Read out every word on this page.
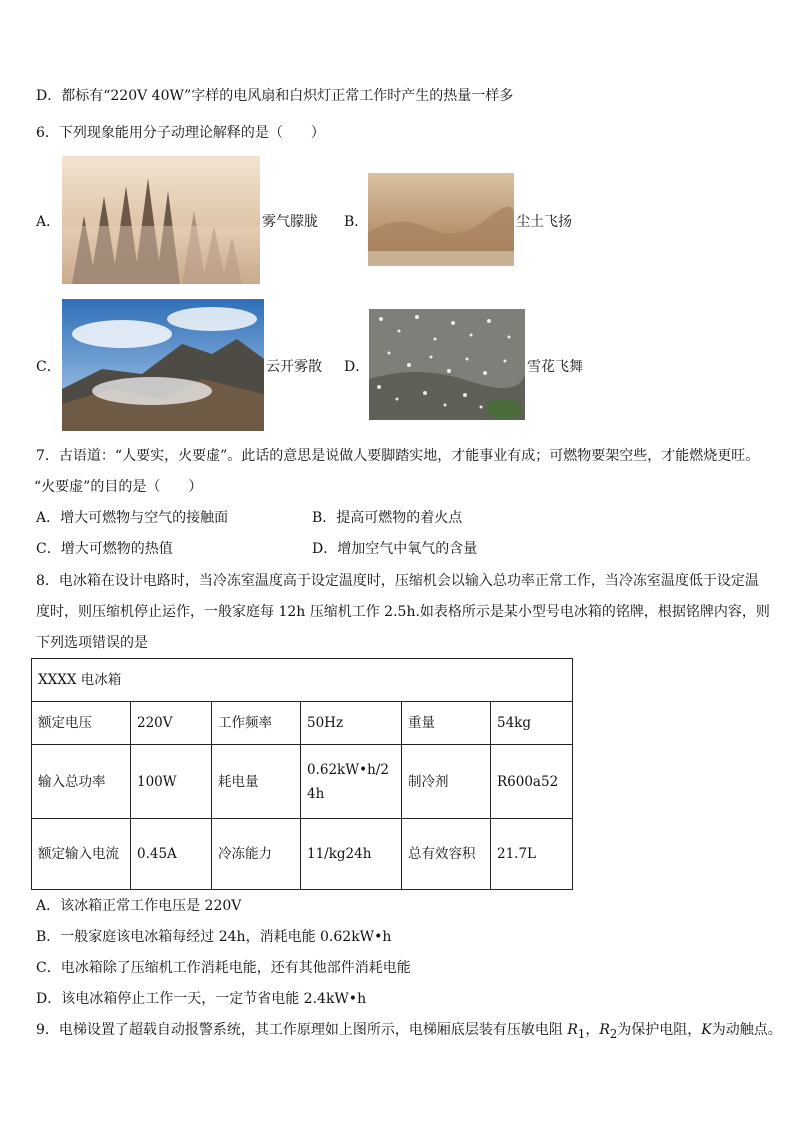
D．都标有“220V 40W”字样的电风扇和白炽灯正常工作时产生的热量一样多
6．下列现象能用分子动理论解释的是（　　）
A．	雾气朦胧 B．	尘土飞扬
C．	云开雾散 D．	雪花飞舞
7．古语道：“人要实，火要虚”。此话的意思是说做人要脚踏实地，才能事业有成；可燃物要架空些，才能燃烧更旺。
“火要虚”的目的是（　　）
A．增大可燃物与空气的接触面	B．提高可燃物的着火点
C．增大可燃物的热值	D．增加空气中氧气的含量
8．电冰箱在设计电路时，当冷冻室温度高于设定温度时，压缩机会以输入总功率正常工作，当冷冻室温度低于设定温
度时，则压缩机停止运作，一般家庭每 12h 压缩机工作 2.5h.如表格所示是某小型号电冰箱的铭牌，根据铭牌内容，则
下列选项错误的是
XXXX 电冰箱					
额定电压	220V	工作频率	50Hz	重量	54kg
输入总功率	100W	耗电量	0.62kW•h/24h	制冷剂	R600a52
额定输入电流	0.45A	冷冻能力	11/kg24h	总有效容积	21.7L
A．该冰箱正常工作电压是 220V
B．一般家庭该电冰箱每经过 24h，消耗电能 0.62kW•h
C．电冰箱除了压缩机工作消耗电能，还有其他部件消耗电能
D．该电冰箱停止工作一天，一定节省电能 2.4kW•h
9．电梯设置了超载自动报警系统，其工作原理如上图所示，电梯厢底层装有压敏电阻 $R_1$，$R_2$为保护电阻，K为动触点。
